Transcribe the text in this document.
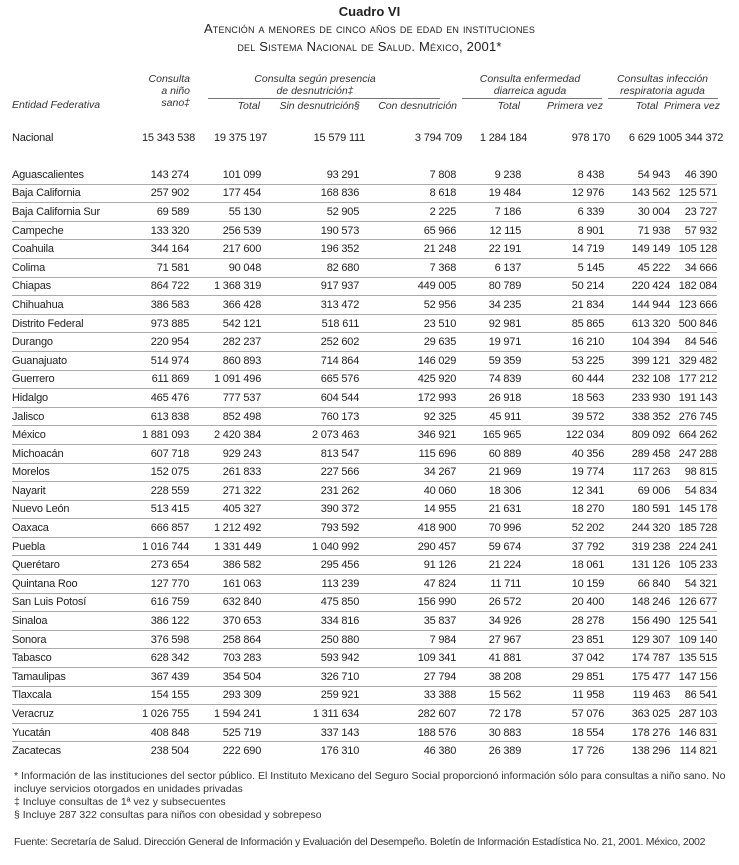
Cuadro VI
Atención a menores de cinco años de edad en instituciones
del Sistema Nacional de Salud. México, 2001*
Entidad Federativa
Consulta a niño sano‡
Consulta según presencia de desnutrición‡
Consulta enfermedad diarreica aguda
Consultas infección respiratoria aguda
Total	Sin desnutrición§	Con desnutrición	Total	Primera vez	Total Primera vez
Nacional	15 343 538	19 375 197	15 579 111	3 794 709	1 284 184	978 170	6 629 100	5 344 372
Aguascalientes	143 274	101 099	93 291	7 808	9 238	8 438	54 943	46 390
Baja California	257 902	177 454	168 836	8 618	19 484	12 976	143 562	125 571
Baja California Sur	69 589	55 130	52 905	2 225	7 186	6 339	30 004	23 727
Campeche	133 320	256 539	190 573	65 966	12 115	8 901	71 938	57 932
Coahuila	344 164	217 600	196 352	21 248	22 191	14 719	149 149	105 128
Colima	71 581	90 048	82 680	7 368	6 137	5 145	45 222	34 666
Chiapas	864 722	1 368 319	917 937	449 005	80 789	50 214	220 424	182 084
Chihuahua	386 583	366 428	313 472	52 956	34 235	21 834	144 944	123 666
Distrito Federal	973 885	542 121	518 611	23 510	92 981	85 865	613 320	500 846
Durango	220 954	282 237	252 602	29 635	19 971	16 210	104 394	84 546
Guanajuato	514 974	860 893	714 864	146 029	59 359	53 225	399 121	329 482
Guerrero	611 869	1 091 496	665 576	425 920	74 839	60 444	232 108	177 212
Hidalgo	465 476	777 537	604 544	172 993	26 918	18 563	233 930	191 143
Jalisco	613 838	852 498	760 173	92 325	45 911	39 572	338 352	276 745
México	1 881 093	2 420 384	2 073 463	346 921	165 965	122 034	809 092	664 262
Michoacán	607 718	929 243	813 547	115 696	60 889	40 356	289 458	247 288
Morelos	152 075	261 833	227 566	34 267	21 969	19 774	117 263	98 815
Nayarit	228 559	271 322	231 262	40 060	18 306	12 341	69 006	54 834
Nuevo León	513 415	405 327	390 372	14 955	21 631	18 270	180 591	145 178
Oaxaca	666 857	1 212 492	793 592	418 900	70 996	52 202	244 320	185 728
Puebla	1 016 744	1 331 449	1 040 992	290 457	59 674	37 792	319 238	224 241
Querétaro	273 654	386 582	295 456	91 126	21 224	18 061	131 126	105 233
Quintana Roo	127 770	161 063	113 239	47 824	11 711	10 159	66 840	54 321
San Luis Potosí	616 759	632 840	475 850	156 990	26 572	20 400	148 246	126 677
Sinaloa	386 122	370 653	334 816	35 837	34 926	28 278	156 490	125 541
Sonora	376 598	258 864	250 880	7 984	27 967	23 851	129 307	109 140
Tabasco	628 342	703 283	593 942	109 341	41 881	37 042	174 787	135 515
Tamaulipas	367 439	354 504	326 710	27 794	38 208	29 851	175 477	147 156
Tlaxcala	154 155	293 309	259 921	33 388	15 562	11 958	119 463	86 541
Veracruz	1 026 755	1 594 241	1 311 634	282 607	72 178	57 076	363 025	287 103
Yucatán	408 848	525 719	337 143	188 576	30 883	18 554	178 276	146 831
Zacatecas	238 504	222 690	176 310	46 380	26 389	17 726	138 296	114 821
* Información de las instituciones del sector público. El Instituto Mexicano del Seguro Social proporcionó información sólo para consultas a niño sano. No incluye servicios otorgados en unidades privadas
‡ Incluye consultas de 1ª vez y subsecuentes
§ Incluye 287 322 consultas para niños con obesidad y sobrepeso
Fuente: Secretaría de Salud. Dirección General de Información y Evaluación del Desempeño. Boletín de Información Estadística No. 21, 2001. México, 2002
